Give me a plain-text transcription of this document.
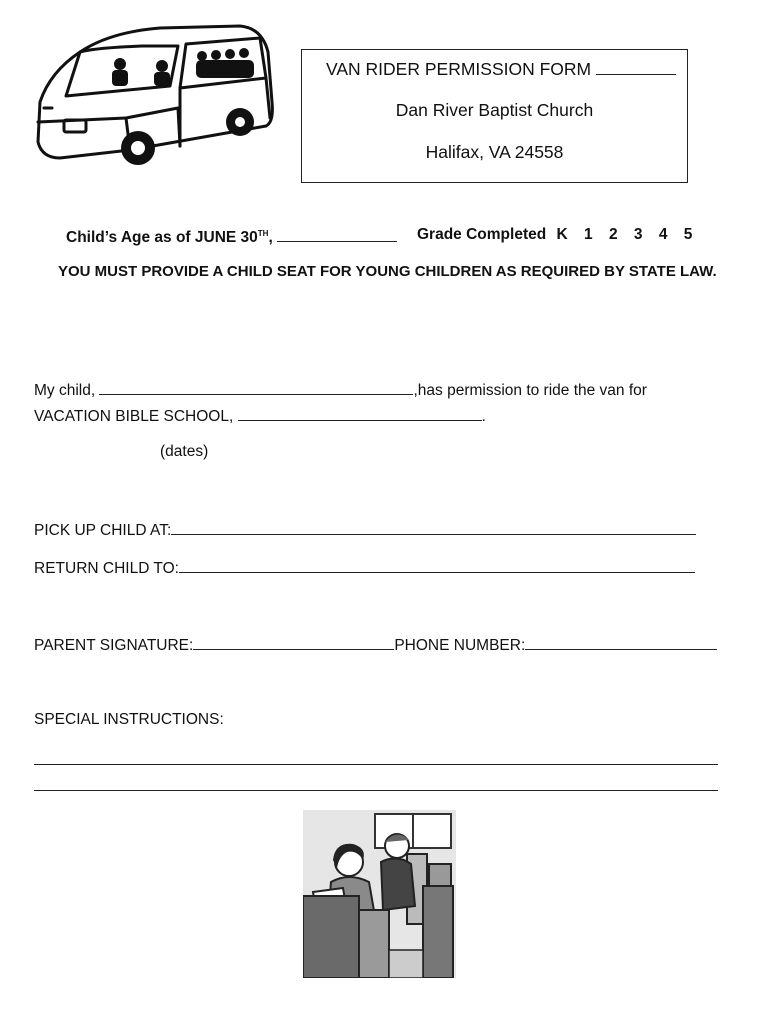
VAN RIDER PERMISSION FORM
Dan River Baptist Church
Halifax, VA 24558
Child’s Age as of JUNE 30TH,	Grade Completed K 1 2 3 4 5
YOU MUST PROVIDE A CHILD SEAT FOR YOUNG CHILDREN AS REQUIRED BY STATE LAW.
My child,	,has permission to ride the van for
VACATION BIBLE SCHOOL,	.
(dates)
PICK UP CHILD AT:
RETURN CHILD TO:
PARENT SIGNATURE:	PHONE NUMBER:
SPECIAL INSTRUCTIONS:
